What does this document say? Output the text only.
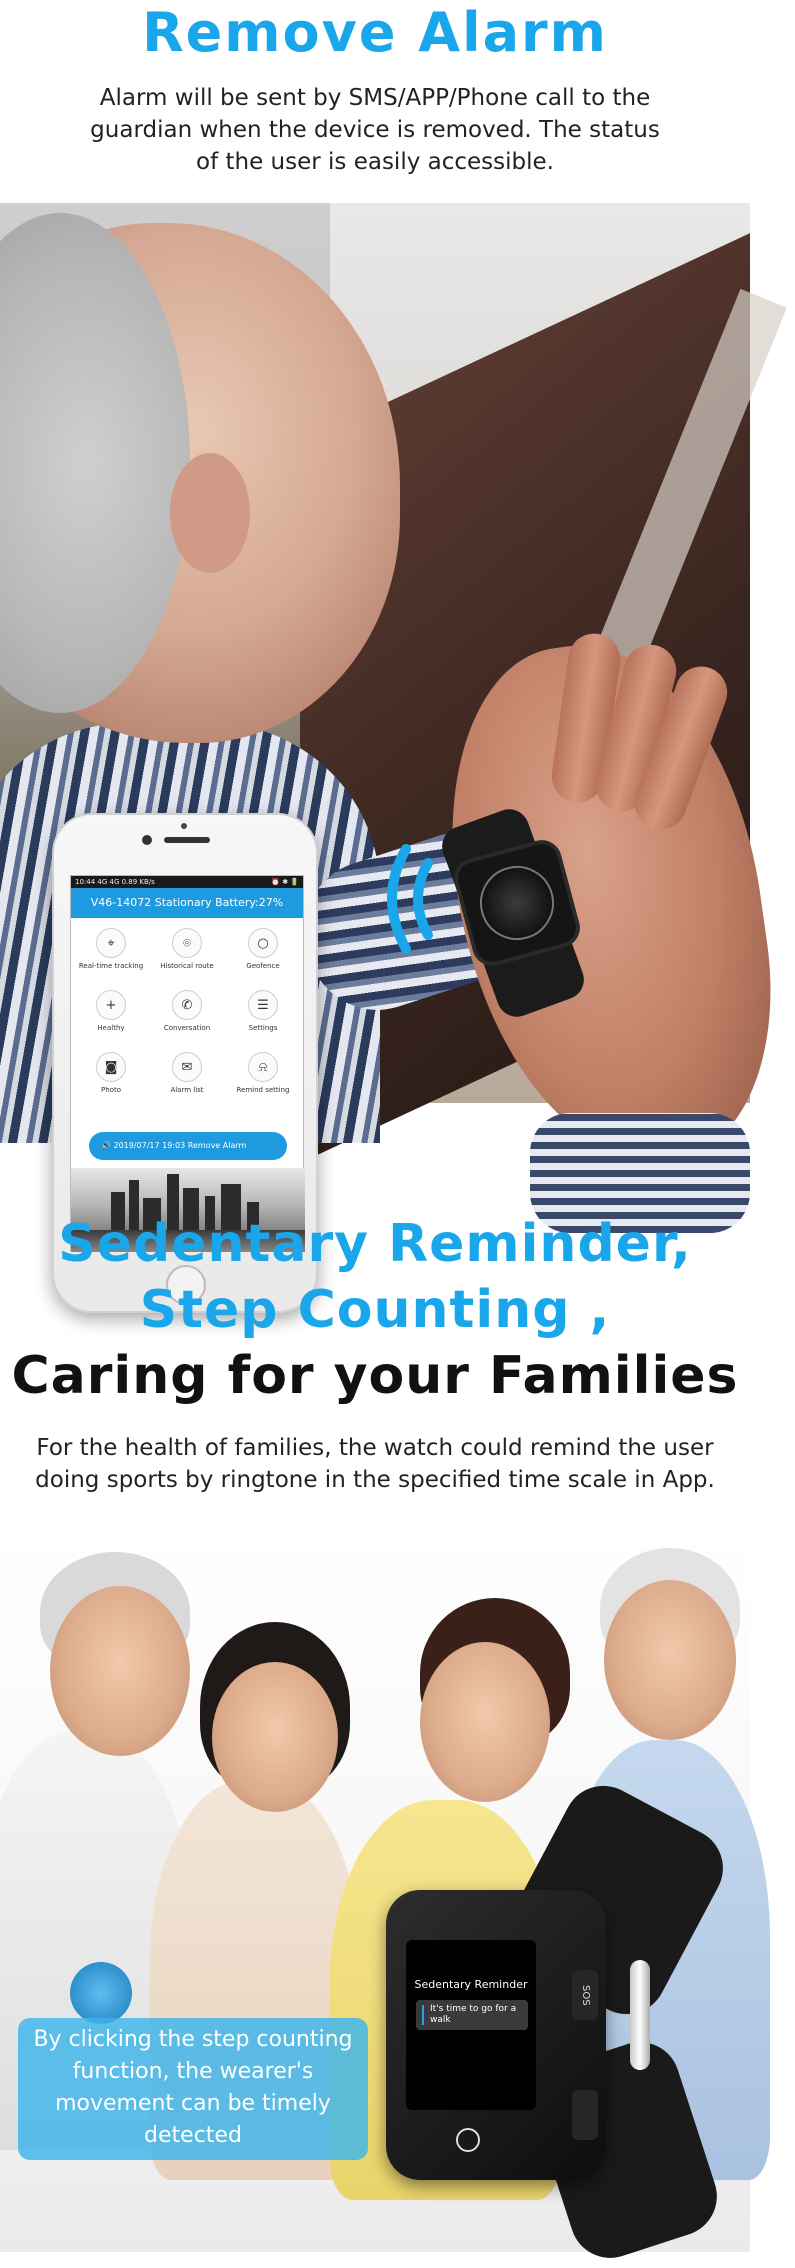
Remove Alarm

Alarm will be sent by SMS/APP/Phone call to the guardian when the device is removed. The status of the user is easily accessible.

10:44 4G 4G 0.89 KB/s	⏰ ✱ 🔋
V46-14072 Stationary Battery:27%
⌖
Real-time tracking
⌾
Historical route
○
Geofence
+
Healthy
✆
Conversation
☰
Settings
◙
Photo
✉
Alarm list
⍾
Remind setting
🔊 2019/07/17 19:03 Remove Alarm
Sedentary Reminder,
Step Counting ,
Caring for your Families

For the health of families, the watch could remind the user doing sports by ringtone in the specified time scale in App.

Sedentary Reminder
It's time to go for a walk
SOS
By clicking the step counting function, the wearer's movement can be timely detected
